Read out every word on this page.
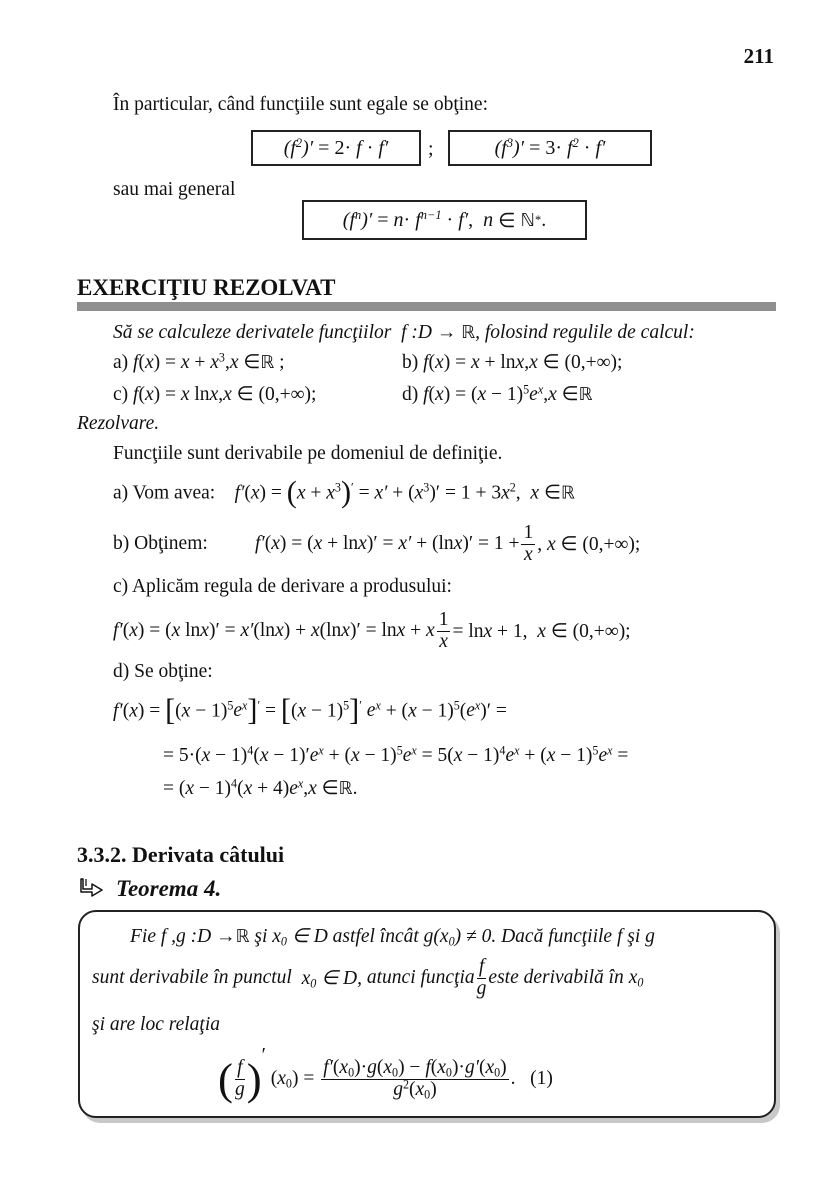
211
În particular, când funcţiile sunt egale se obţine:
$(f^2)' = 2\cdot f \cdot f'$ ;	$(f^3)' = 3\cdot f^2 \cdot f'$
sau mai general
$(f^n)' = n \cdot f^{n-1} \cdot f'$ , n ∈ ℕ * .
EXERCIŢIU REZOLVAT
Să se calculeze derivatele funcţiilor  f :D → ℝ, folosind regulile de calcul:
a) $f(x) = x + x^3,x$ ∈ℝ ;	b) f(x) = x + lnx,x ∈ (0,+∞);
c) f(x) = x lnx,x ∈ (0,+∞);	d) $f(x) = (x - 1)^5e^x,x$ ∈ℝ
Rezolvare.
Funcţiile sunt derivabile pe domeniul de definiţie.
a) Vom avea: $f'(x) = (x + x^3)' = x' + (x^3)' = 1 + 3x^2$,  x ∈ℝ
b) Obţinem:	$f'(x) = (x + \ln x)' = x' + (\ln x)' = 1 + \frac{1}{x}$ , x ∈ (0,+∞);
c) Aplicăm regula de derivare a produsului:
f′(x) = (x lnx)′ = x′(lnx) + x(lnx)′ = lnx + x $\frac{1}{x} = \ln x + 1$,  x ∈ (0,+∞);
d) Se obţine:
$f'(x) = [(x - 1)^5e^x]' = [(x - 1)^5]'$ $e^x + (x - 1)^5(e^x)'$ =
= $5\cdot(x - 1)^4(x - 1)'e^x + (x - 1)^5e^x = 5(x - 1)^4e^x + (x - 1)^5e^x$ =
= $(x - 1)^4(x + 4)e^x,x$ ∈ℝ.
3.3.2. Derivata câtului
Teorema 4.
Fie f ,g :D →ℝ şi $x_0$ ∈ D astfel încât $g(x_0) \ne 0$. Dacă funcţiile f şi g
sunt derivabile în punctul
$x_0$ ∈ D,
atunci funcţia $\frac{f}{g}$ este derivabilă în
$x_0$
şi are loc relaţia
( $\frac{f}{g}$ ) ′
$(x_0) = \frac{f'(x_0)\cdot g(x_0) - f(x_0)\cdot g'(x_0)}{g^2(x_0)}$ . (1)
